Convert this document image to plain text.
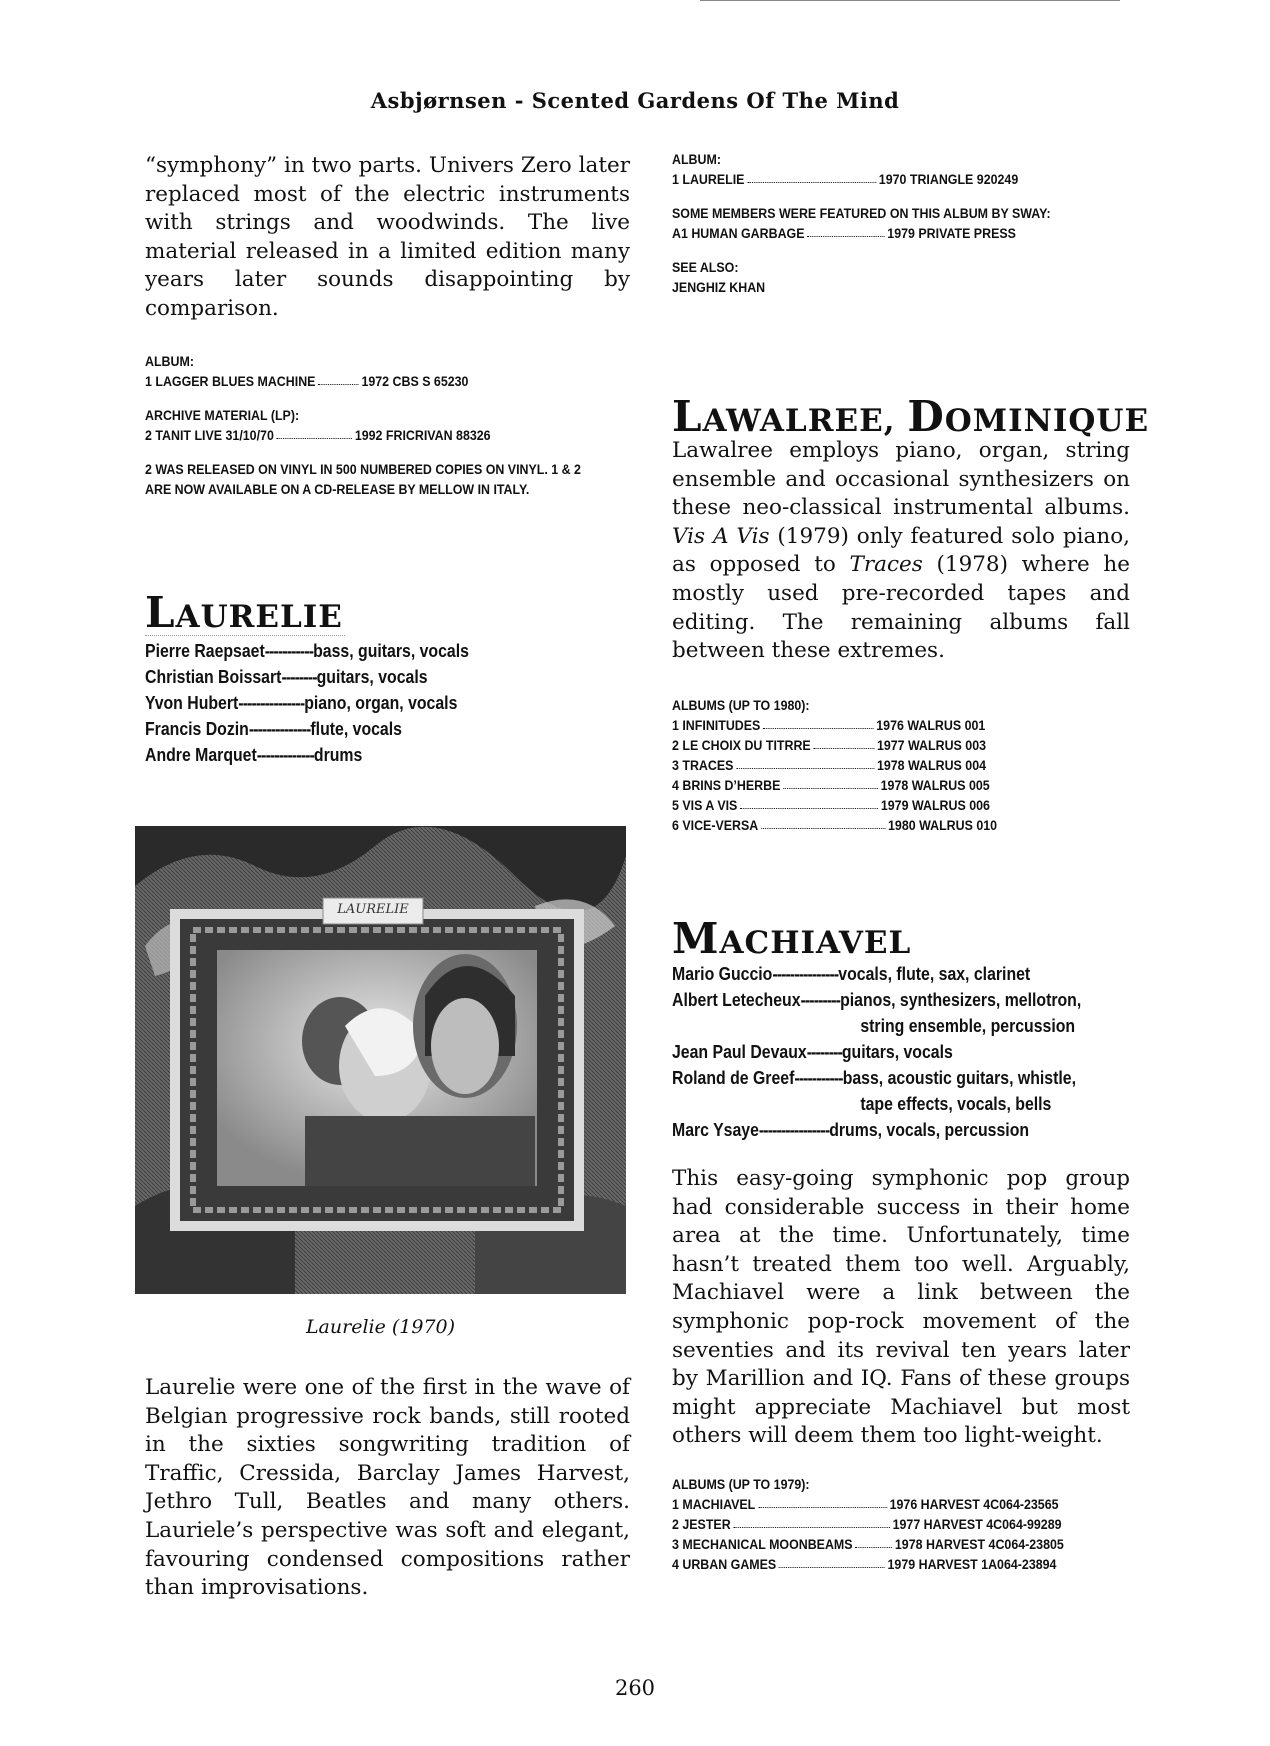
Asbjørnsen - Scented Gardens Of The Mind

“symphony” in two parts. Univers Zero later replaced most of the electric instruments with strings and woodwinds. The live material released in a limited edition many years later sounds disappointing by comparison.

ALBUM:
1 LAGGER BLUES MACHINE	1972 CBS S 65230
ARCHIVE MATERIAL (LP):
2 TANIT LIVE 31/10/70	1992 FRICRIVAN 88326
2 WAS RELEASED ON VINYL IN 500 NUMBERED COPIES ON VINYL. 1 & 2 ARE NOW AVAILABLE ON A CD-RELEASE BY MELLOW IN ITALY.
LAURELIE
Pierre Raepsaet ----------- bass, guitars, vocals
Christian Boissart -------- guitars, vocals
Yvon Hubert --------------- piano, organ, vocals
Francis Dozin -------------- flute, vocals
Andre Marquet ------------- drums
LAURELIE
Laurelie (1970)

Laurelie were one of the first in the wave of Belgian progressive rock bands, still rooted in the sixties songwriting tradition of Traffic, Cressida, Barclay James Harvest, Jethro Tull, Beatles and many others. Lauriele’s perspective was soft and elegant, favouring condensed compositions rather than improvisations.

ALBUM:
1 LAURELIE	1970 TRIANGLE 920249
SOME MEMBERS WERE FEATURED ON THIS ALBUM BY SWAY:
A1 HUMAN GARBAGE	1979 PRIVATE PRESS
SEE ALSO:
JENGHIZ KHAN
LAWALREE, DOMINIQUE

Lawalree employs piano, organ, string ensemble and occasional synthesizers on these neo-classical instrumental albums. Vis A Vis (1979) only featured solo piano, as opposed to Traces (1978) where he mostly used pre-recorded tapes and editing. The remaining albums fall between these extremes.

ALBUMS (UP TO 1980):
1 INFINITUDES	1976 WALRUS 001
2 LE CHOIX DU TITRRE	1977 WALRUS 003
3 TRACES	1978 WALRUS 004
4 BRINS D’HERBE	1978 WALRUS 005
5 VIS A VIS	1979 WALRUS 006
6 VICE-VERSA	1980 WALRUS 010
MACHIAVEL
Mario Guccio --------------- vocals, flute, sax, clarinet
Albert Letecheux --------- pianos, synthesizers, mellotron,
string ensemble, percussion
Jean Paul Devaux -------- guitars, vocals
Roland de Greef ----------- bass, acoustic guitars, whistle,
tape effects, vocals, bells
Marc Ysaye ---------------- drums, vocals, percussion

This easy-going symphonic pop group had considerable success in their home area at the time. Unfortunately, time hasn’t treated them too well. Arguably, Machiavel were a link between the symphonic pop-rock movement of the seventies and its revival ten years later by Marillion and IQ. Fans of these groups might appreciate Machiavel but most others will deem them too light-weight.

ALBUMS (UP TO 1979):
1 MACHIAVEL	1976 HARVEST 4C064-23565
2 JESTER	1977 HARVEST 4C064-99289
3 MECHANICAL MOONBEAMS	1978 HARVEST 4C064-23805
4 URBAN GAMES	1979 HARVEST 1A064-23894
260
